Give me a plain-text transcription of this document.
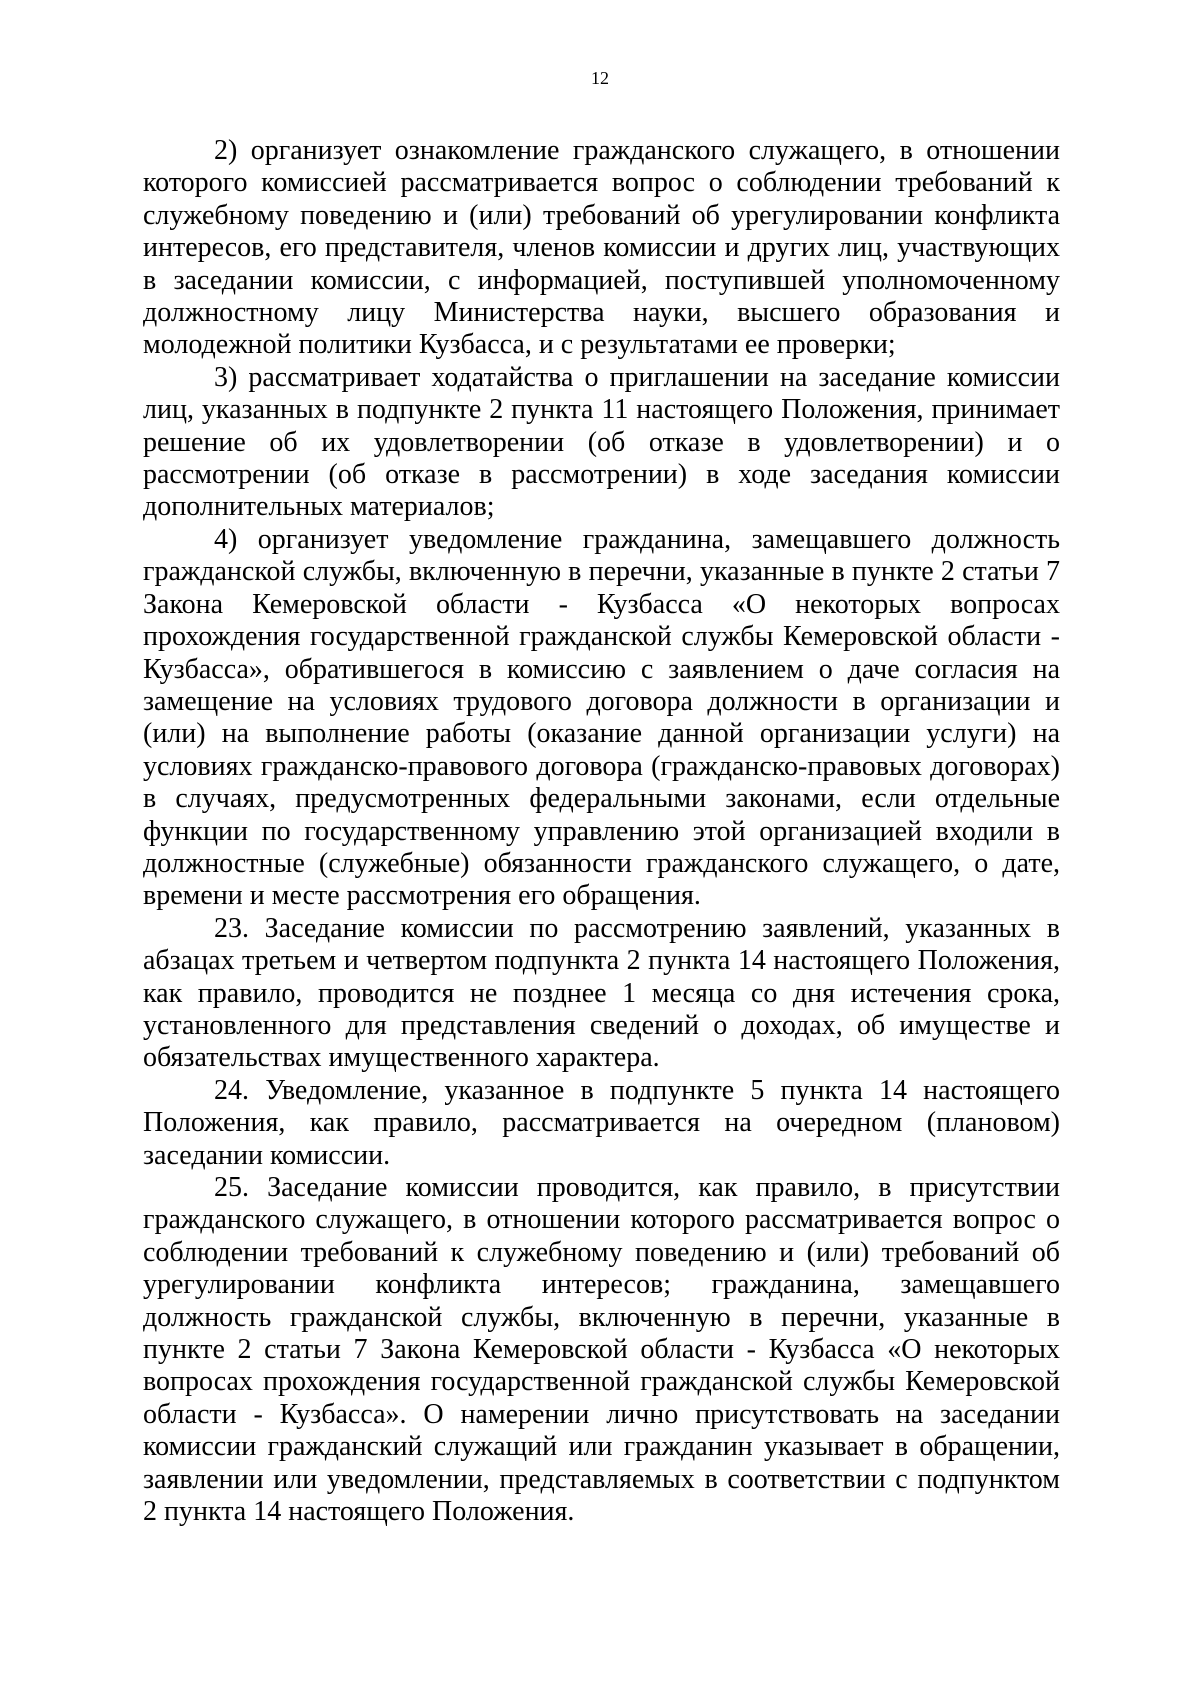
12

2) организует ознакомление гражданского служащего, в отношении которого комиссией рассматривается вопрос о соблюдении требований к служебному поведению и (или) требований об урегулировании конфликта интересов, его представителя, членов комиссии и других лиц, участвующих в заседании комиссии, с информацией, поступившей уполномоченному должностному лицу Министерства науки, высшего образования и молодежной политики Кузбасса, и с результатами ее проверки;

3) рассматривает ходатайства о приглашении на заседание комиссии лиц, указанных в подпункте 2 пункта 11 настоящего Положения, принимает решение об их удовлетворении (об отказе в удовлетворении) и о рассмотрении (об отказе в рассмотрении) в ходе заседания комиссии дополнительных материалов;

4) организует уведомление гражданина, замещавшего должность гражданской службы, включенную в перечни, указанные в пункте 2 статьи 7 Закона Кемеровской области - Кузбасса «О некоторых вопросах прохождения государственной гражданской службы Кемеровской области - Кузбасса», обратившегося в комиссию с заявлением о даче согласия на замещение на условиях трудового договора должности в организации и (или) на выполнение работы (оказание данной организации услуги) на условиях гражданско-правового договора (гражданско-правовых договорах) в случаях, предусмотренных федеральными законами, если отдельные функции по государственному управлению этой организацией входили в должностные (служебные) обязанности гражданского служащего, о дате, времени и месте рассмотрения его обращения.

23. Заседание комиссии по рассмотрению заявлений, указанных в абзацах третьем и четвертом подпункта 2 пункта 14 настоящего Положения, как правило, проводится не позднее 1 месяца со дня истечения срока, установленного для представления сведений о доходах, об имуществе и обязательствах имущественного характера.

24. Уведомление, указанное в подпункте 5 пункта 14 настоящего Положения, как правило, рассматривается на очередном (плановом) заседании комиссии.

25. Заседание комиссии проводится, как правило, в присутствии гражданского служащего, в отношении которого рассматривается вопрос о соблюдении требований к служебному поведению и (или) требований об урегулировании конфликта интересов; гражданина, замещавшего должность гражданской службы, включенную в перечни, указанные в пункте 2 статьи 7 Закона Кемеровской области - Кузбасса «О некоторых вопросах прохождения государственной гражданской службы Кемеровской области - Кузбасса». О намерении лично присутствовать на заседании комиссии гражданский служащий или гражданин указывает в обращении, заявлении или уведомлении, представляемых в соответствии с подпунктом 2 пункта 14 настоящего Положения.
